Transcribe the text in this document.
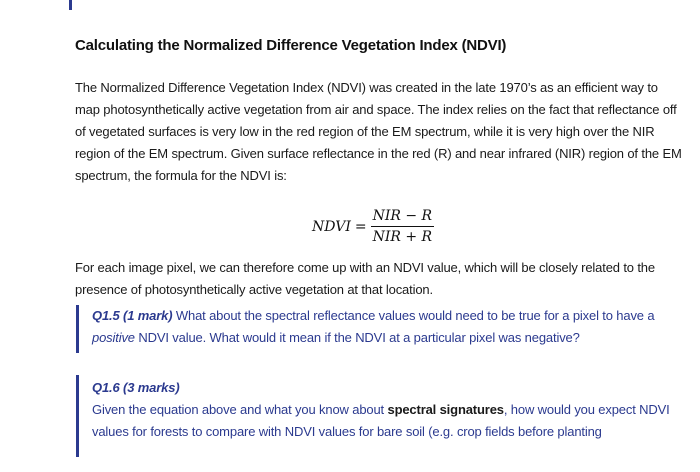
Calculating the Normalized Difference Vegetation Index (NDVI)
The Normalized Difference Vegetation Index (NDVI) was created in the late 1970’s as an efficient way to map photosynthetically active vegetation from air and space. The index relies on the fact that reflectance off of vegetated surfaces is very low in the red region of the EM spectrum, while it is very high over the NIR region of the EM spectrum. Given surface reflectance in the red (R) and near infrared (NIR) region of the EM spectrum, the formula for the NDVI is:
NDVI = $\frac{\text{NIR − R}}{\text{NIR + R}}$
For each image pixel, we can therefore come up with an NDVI value, which will be closely related to the presence of photosynthetically active vegetation at that location.
Q1.5 (1 mark) What about the spectral reflectance values would need to be true for a pixel to have a positive NDVI value. What would it mean if the NDVI at a particular pixel was negative?
Q1.6 (3 marks)
Given the equation above and what you know about spectral signatures, how would you expect NDVI values for forests to compare with NDVI values for bare soil (e.g. crop fields before planting
